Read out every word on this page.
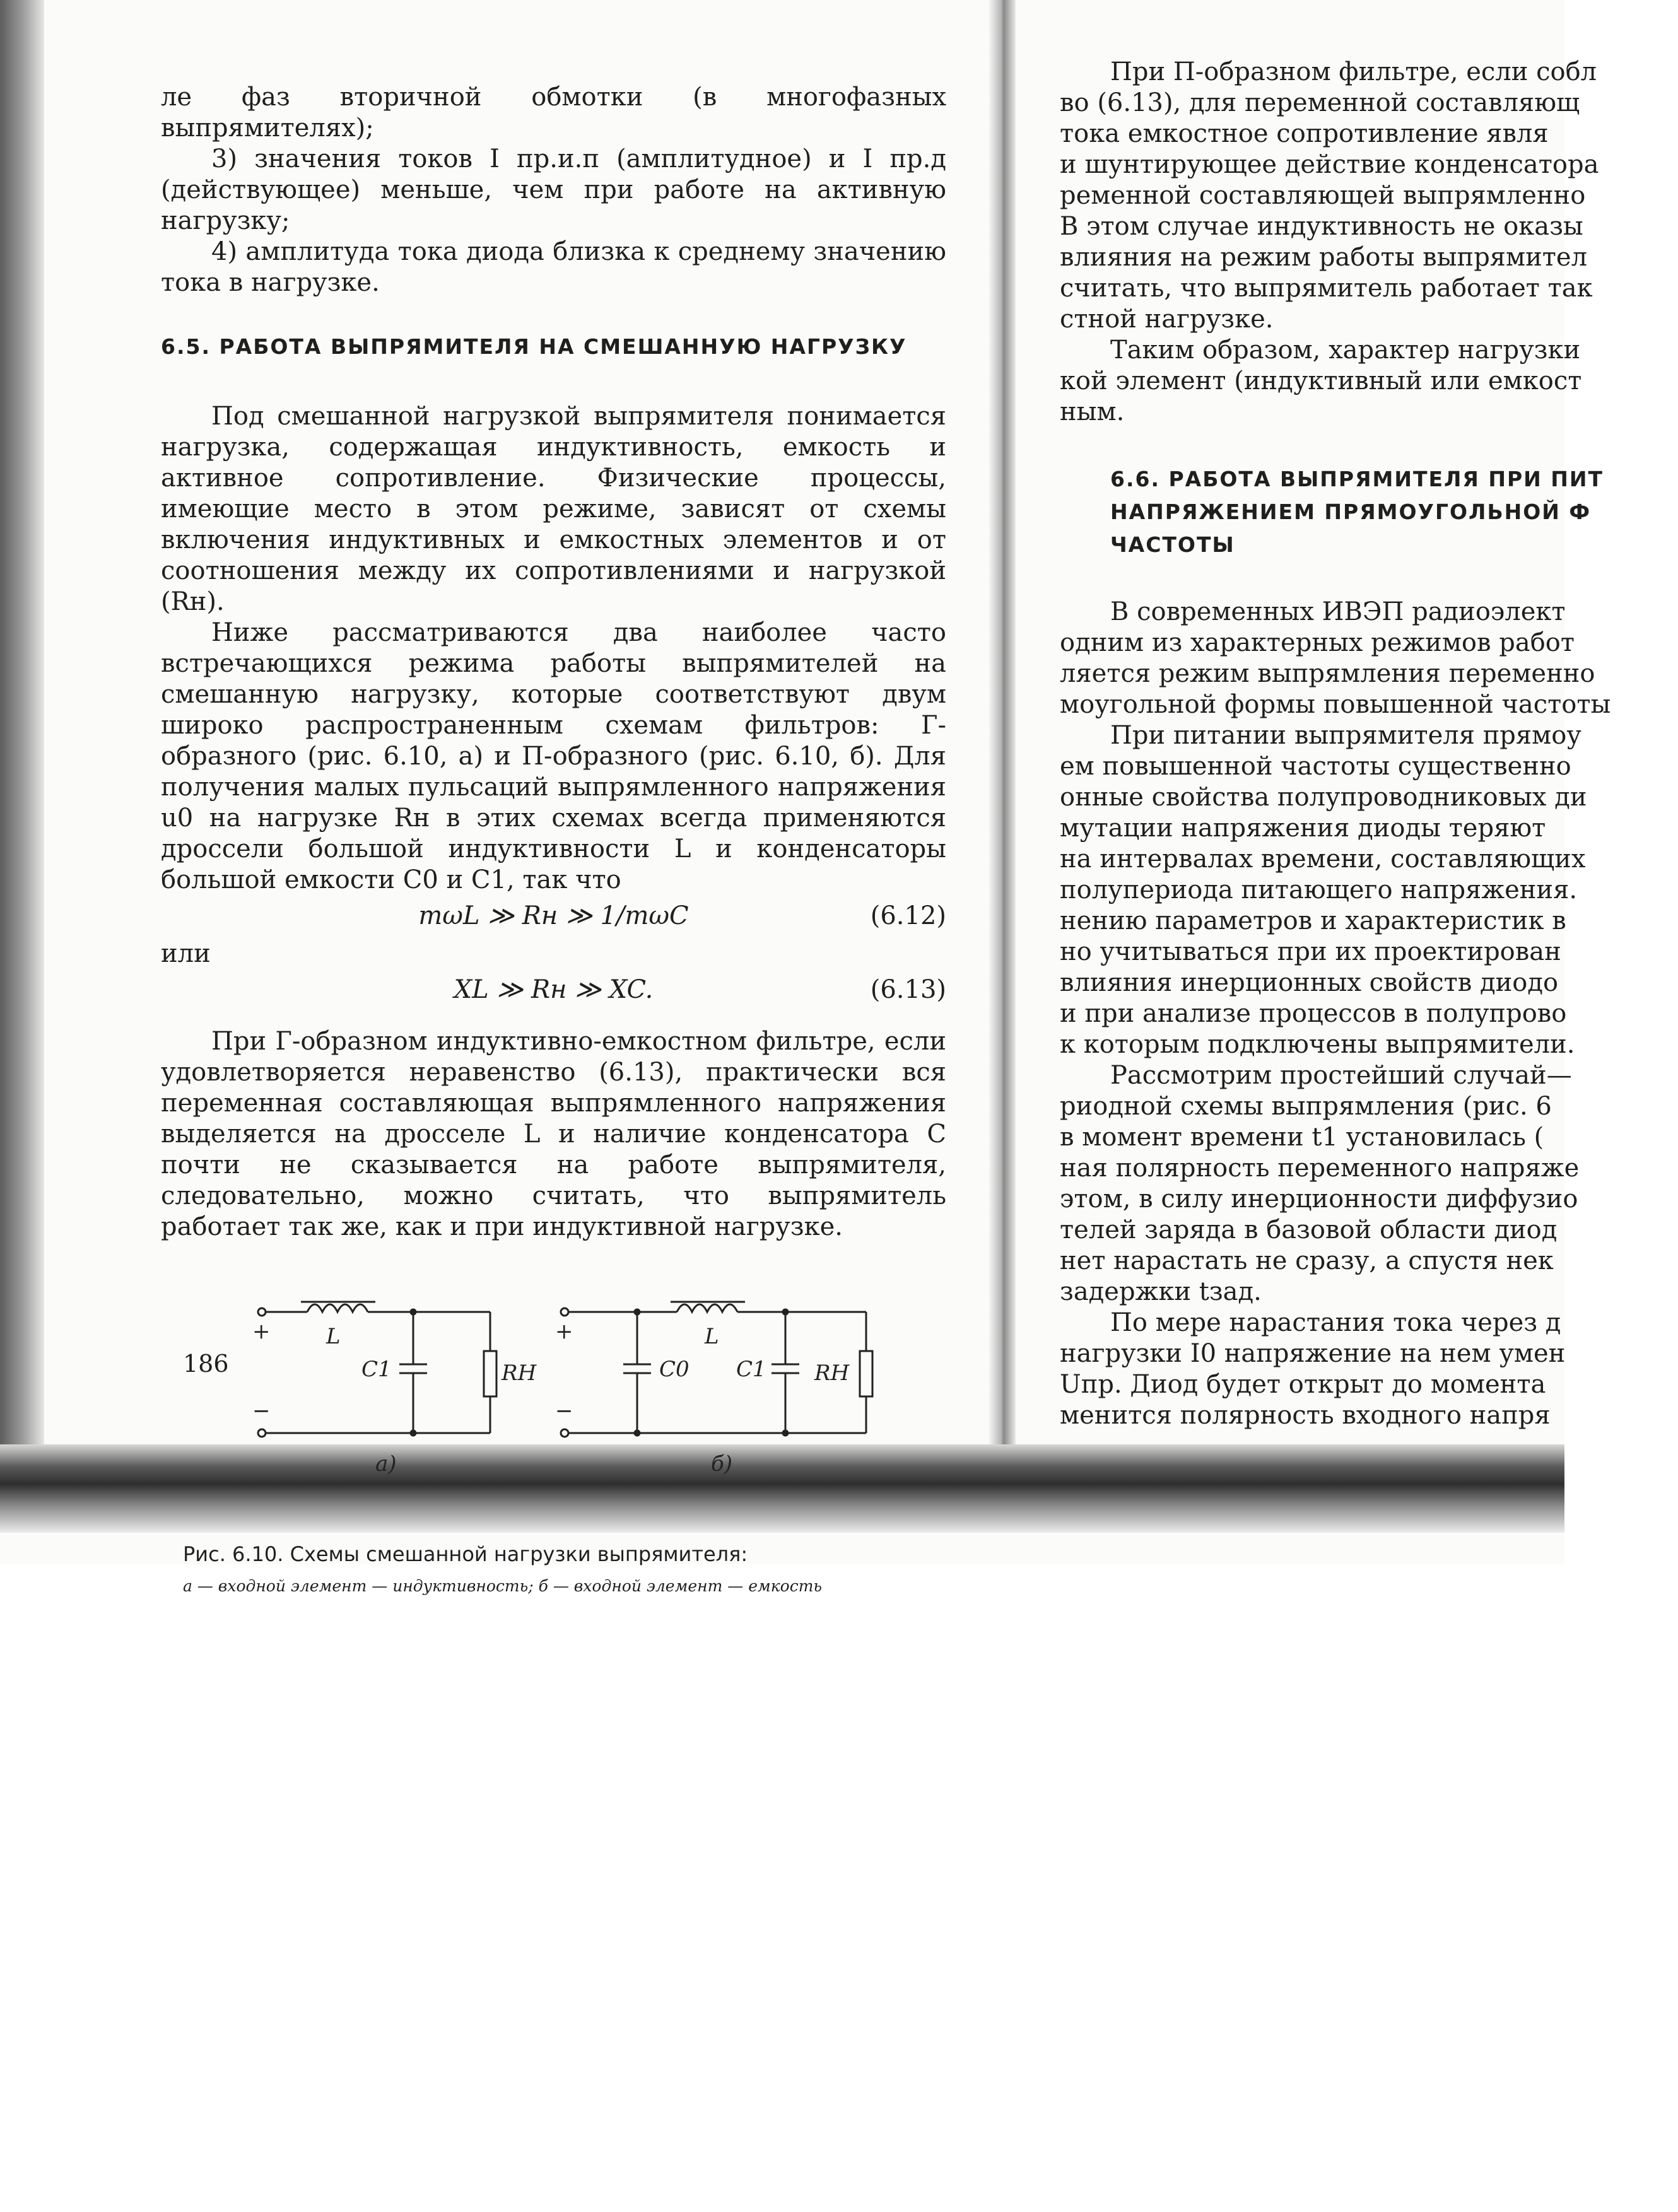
ле фаз вторичной обмотки (в многофазных выпрямителях);

3) значения токов I пр.и.п (амплитудное) и I пр.д (действующее) меньше, чем при работе на активную нагрузку;

4) амплитуда тока диода близка к среднему значению тока в нагрузке.

6.5. РАБОТА ВЫПРЯМИТЕЛЯ НА СМЕШАННУЮ НАГРУЗКУ

Под смешанной нагрузкой выпрямителя понимается нагрузка, содержащая индуктивность, емкость и активное сопротивление. Физические процессы, имеющие место в этом режиме, зависят от схемы включения индуктивных и емкостных элементов и от соотношения между их сопротивлениями и нагрузкой (Rн).

Ниже рассматриваются два наиболее часто встречающихся режима работы выпрямителей на смешанную нагрузку, которые соответствуют двум широко распространенным схемам фильтров: Г-образного (рис. 6.10, а) и П-образного (рис. 6.10, б). Для получения малых пульсаций выпрямленного напряжения u0 на нагрузке Rн в этих схемах всегда применяются дроссели большой индуктивности L и конденсаторы большой емкости C0 и C1, так что

mωL ≫ Rн ≫ 1/mωC	(6.12)

или

XL ≫ Rн ≫ XC.	(6.13)

При Г-образном индуктивно-емкостном фильтре, если удовлетворяется неравенство (6.13), практически вся переменная составляющая выпрямленного напряжения выделяется на дросселе L и наличие конденсатора C почти не сказывается на работе выпрямителя, следовательно, можно считать, что выпрямитель работает так же, как и при индуктивной нагрузке.

+
−
L
C1	RН
а)
+
−
L
C0 C1 RН
б)
Рис. 6.10. Схемы смешанной нагрузки выпрямителя:
а — входной элемент — индуктивность; б — входной элемент — емкость
186

При П-образном фильтре, если собл

во (6.13), для переменной составляющ

тока емкостное сопротивление явля

и шунтирующее действие конденсатора

ременной составляющей выпрямленно

В этом случае индуктивность не оказы

влияния на режим работы выпрямител

считать, что выпрямитель работает так

стной нагрузке.

Таким образом, характер нагрузки

кой элемент (индуктивный или емкост

ным.

6.6. РАБОТА ВЫПРЯМИТЕЛЯ ПРИ ПИТ
НАПРЯЖЕНИЕМ ПРЯМОУГОЛЬНОЙ Ф
ЧАСТОТЫ

В современных ИВЭП радиоэлект

одним из характерных режимов работ

ляется режим выпрямления переменно

моугольной формы повышенной частоты

При питании выпрямителя прямоу

ем повышенной частоты существенно

онные свойства полупроводниковых ди

мутации напряжения диоды теряют

на интервалах времени, составляющих

полупериода питающего напряжения.

нению параметров и характеристик в

но учитываться при их проектирован

влияния инерционных свойств диодо

и при анализе процессов в полупрово

к которым подключены выпрямители.

Рассмотрим простейший случай—

риодной схемы выпрямления (рис. 6

в момент времени t1 установилась (

ная полярность переменного напряже

этом, в силу инерционности диффузио

телей заряда в базовой области диод

нет нарастать не сразу, а спустя нек

задержки tзад.

По мере нарастания тока через д

нагрузки I0 напряжение на нем умен

Uпр. Диод будет открыт до момента

менится полярность входного напря
